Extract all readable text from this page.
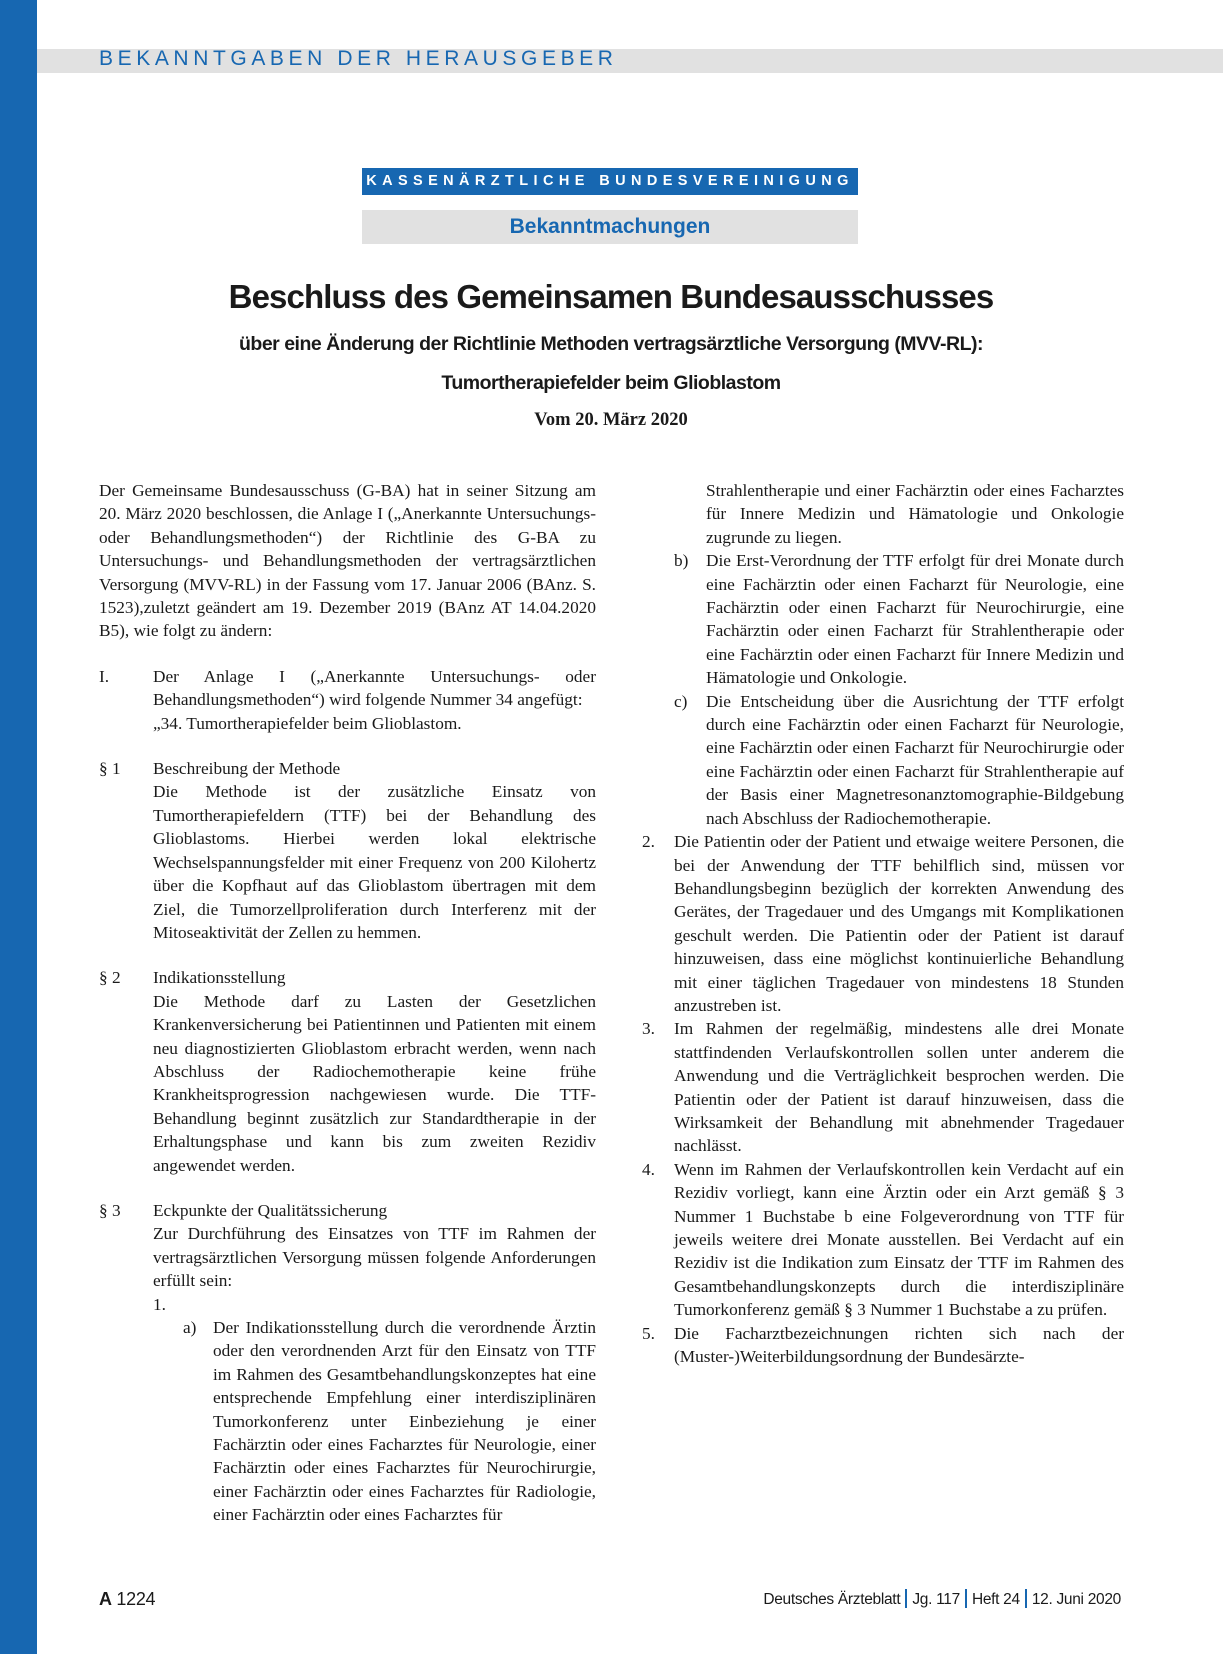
BEKANNTGABEN DER HERAUSGEBER
KASSENÄRZTLICHE BUNDESVEREINIGUNG
Bekanntmachungen
Beschluss des Gemeinsamen Bundesausschusses
über eine Änderung der Richtlinie Methoden vertragsärztliche Versorgung (MVV-RL):
Tumortherapiefelder beim Glioblastom
Vom 20. März 2020

Der Gemeinsame Bundesausschuss (G-BA) hat in seiner Sitzung am 20. März 2020 beschlossen, die Anlage I („Anerkannte Untersuchungs- oder Behandlungsmethoden“) der Richtlinie des G-BA zu Untersuchungs- und Behandlungsmethoden der vertragsärztlichen Versorgung (MVV-RL) in der Fassung vom 17. Januar 2006 (BAnz. S. 1523),zuletzt geändert am 19. Dezember 2019 (BAnz AT 14.04.2020 B5), wie folgt zu ändern:

I.	Der Anlage I („Anerkannte Untersuchungs- oder Behandlungsmethoden“) wird folgende Nummer 34 angefügt:

„34. Tumortherapiefelder beim Glioblastom.

§ 1	Beschreibung der Methode

Die Methode ist der zusätzliche Einsatz von Tumortherapiefeldern (TTF) bei der Behandlung des Glioblastoms. Hierbei werden lokal elektrische Wechselspannungsfelder mit einer Frequenz von 200 Kilohertz über die Kopfhaut auf das Glioblastom übertragen mit dem Ziel, die Tumorzellproliferation durch Interferenz mit der Mitoseaktivität der Zellen zu hemmen.

§ 2	Indikationsstellung

Die Methode darf zu Lasten der Gesetzlichen Krankenversicherung bei Patientinnen und Patienten mit einem neu diagnostizierten Glioblastom erbracht werden, wenn nach Abschluss der Radiochemotherapie keine frühe Krankheitsprogression nachgewiesen wurde. Die TTF-Behandlung beginnt zusätzlich zur Standardtherapie in der Erhaltungsphase und kann bis zum zweiten Rezidiv angewendet werden.

§ 3	Eckpunkte der Qualitätssicherung

Zur Durchführung des Einsatzes von TTF im Rahmen der vertragsärztlichen Versorgung müssen folgende Anforderungen erfüllt sein:

1.
a) Der Indikationsstellung durch die verordnende Ärztin oder den verordnenden Arzt für den Einsatz von TTF im Rahmen des Gesamtbehandlungskonzeptes hat eine entsprechende Empfehlung einer interdisziplinären Tumorkonferenz unter Einbeziehung je einer Fachärztin oder eines Facharztes für Neurologie, einer Fachärztin oder eines Facharztes für Neurochirurgie, einer Fachärztin oder eines Facharztes für Radiologie, einer Fachärztin oder eines Facharztes für

Strahlentherapie und einer Fachärztin oder eines Facharztes für Innere Medizin und Hämatologie und Onkologie zugrunde zu liegen.

b)	Die Erst-Verordnung der TTF erfolgt für drei Monate durch eine Fachärztin oder einen Facharzt für Neurologie, eine Fachärztin oder einen Facharzt für Neurochirurgie, eine Fachärztin oder einen Facharzt für Strahlentherapie oder eine Fachärztin oder einen Facharzt für Innere Medizin und Hämatologie und Onkologie.

c)	Die Entscheidung über die Ausrichtung der TTF erfolgt durch eine Fachärztin oder einen Facharzt für Neurologie, eine Fachärztin oder einen Facharzt für Neurochirurgie oder eine Fachärztin oder einen Facharzt für Strahlentherapie auf der Basis einer Magnetresonanztomographie-Bildgebung nach Abschluss der Radiochemotherapie.

2.	Die Patientin oder der Patient und etwaige weitere Personen, die bei der Anwendung der TTF behilflich sind, müssen vor Behandlungsbeginn bezüglich der korrekten Anwendung des Gerätes, der Tragedauer und des Umgangs mit Komplikationen geschult werden. Die Patientin oder der Patient ist darauf hinzuweisen, dass eine möglichst kontinuierliche Behandlung mit einer täglichen Tragedauer von mindestens 18 Stunden anzustreben ist.

3.	Im Rahmen der regelmäßig, mindestens alle drei Monate stattfindenden Verlaufskontrollen sollen unter anderem die Anwendung und die Verträglichkeit besprochen werden. Die Patientin oder der Patient ist darauf hinzuweisen, dass die Wirksamkeit der Behandlung mit abnehmender Tragedauer nachlässt.

4.	Wenn im Rahmen der Verlaufskontrollen kein Verdacht auf ein Rezidiv vorliegt, kann eine Ärztin oder ein Arzt gemäß § 3 Nummer 1 Buchstabe b eine Folgeverordnung von TTF für jeweils weitere drei Monate ausstellen. Bei Verdacht auf ein Rezidiv ist die Indikation zum Einsatz der TTF im Rahmen des Gesamtbehandlungskonzepts durch die interdisziplinäre Tumorkonferenz gemäß § 3 Nummer 1 Buchstabe a zu prüfen.

5.	Die Facharztbezeichnungen richten sich nach der (Muster-)Weiterbildungsordnung der Bundesärzte-

A 1224	Deutsches Ärzteblatt Jg. 117 Heft 24 12. Juni 2020
